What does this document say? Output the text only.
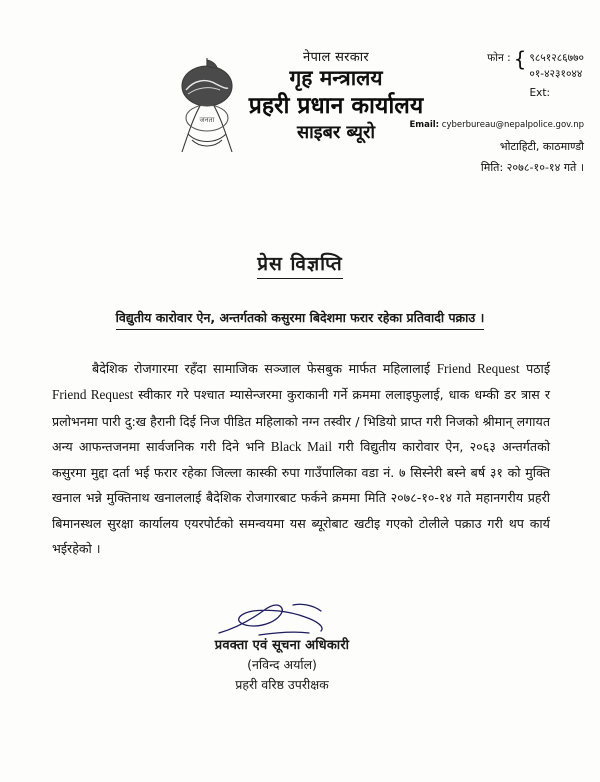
जनता
नेपाल सरकार
गृह मन्त्रालय
प्रहरी प्रधान कार्यालय
साइबर ब्यूरो
फोन : { ९८५१२८६७७०
०१-४२३१०४४
Ext:
Email: cyberbureau@nepalpolice.gov.np
भोटाहिटी, काठमाण्डौ
मिति: २०७८-१०-१४ गते ।
प्रेस विज्ञप्ति
विद्युतीय कारोवार ऐन, अन्तर्गतको कसुरमा बिदेशमा फरार रहेका प्रतिवादी पक्राउ ।

बैदेशिक रोजगारमा रहँदा सामाजिक सञ्जाल फेसबुक मार्फत महिलालाई Friend Request पठाई Friend Request स्वीकार गरे पश्चात म्यासेन्जरमा कुराकानी गर्ने क्रममा ललाइफुलाई, धाक धम्की डर त्रास र प्रलोभनमा पारी दु:ख हैरानी दिई निज पीडित महिलाको नग्न तस्वीर / भिडियो प्राप्त गरी निजको श्रीमान् लगायत अन्य आफन्तजनमा सार्वजनिक गरी दिने भनि Black Mail गरी विद्युतीय कारोवार ऐन, २०६३ अन्तर्गतको कसुरमा मुद्दा दर्ता भई फरार रहेका जिल्ला कास्की रुपा गाउँपालिका वडा नं. ७ सिस्नेरी बस्ने बर्ष ३१ को मुक्ति खनाल भन्ने मुक्तिनाथ खनाललाई बैदेशिक रोजगारबाट फर्कने क्रममा मिति २०७८-१०-१४ गते महानगरीय प्रहरी बिमानस्थल सुरक्षा कार्यालय एयरपोर्टको समन्वयमा यस ब्यूरोबाट खटीइ गएको टोलीले पक्राउ गरी थप कार्य भईरहेको ।

प्रवक्ता एवं सूचना अधिकारी
(नविन्द अर्याल)
प्रहरी वरिष्ठ उपरीक्षक
